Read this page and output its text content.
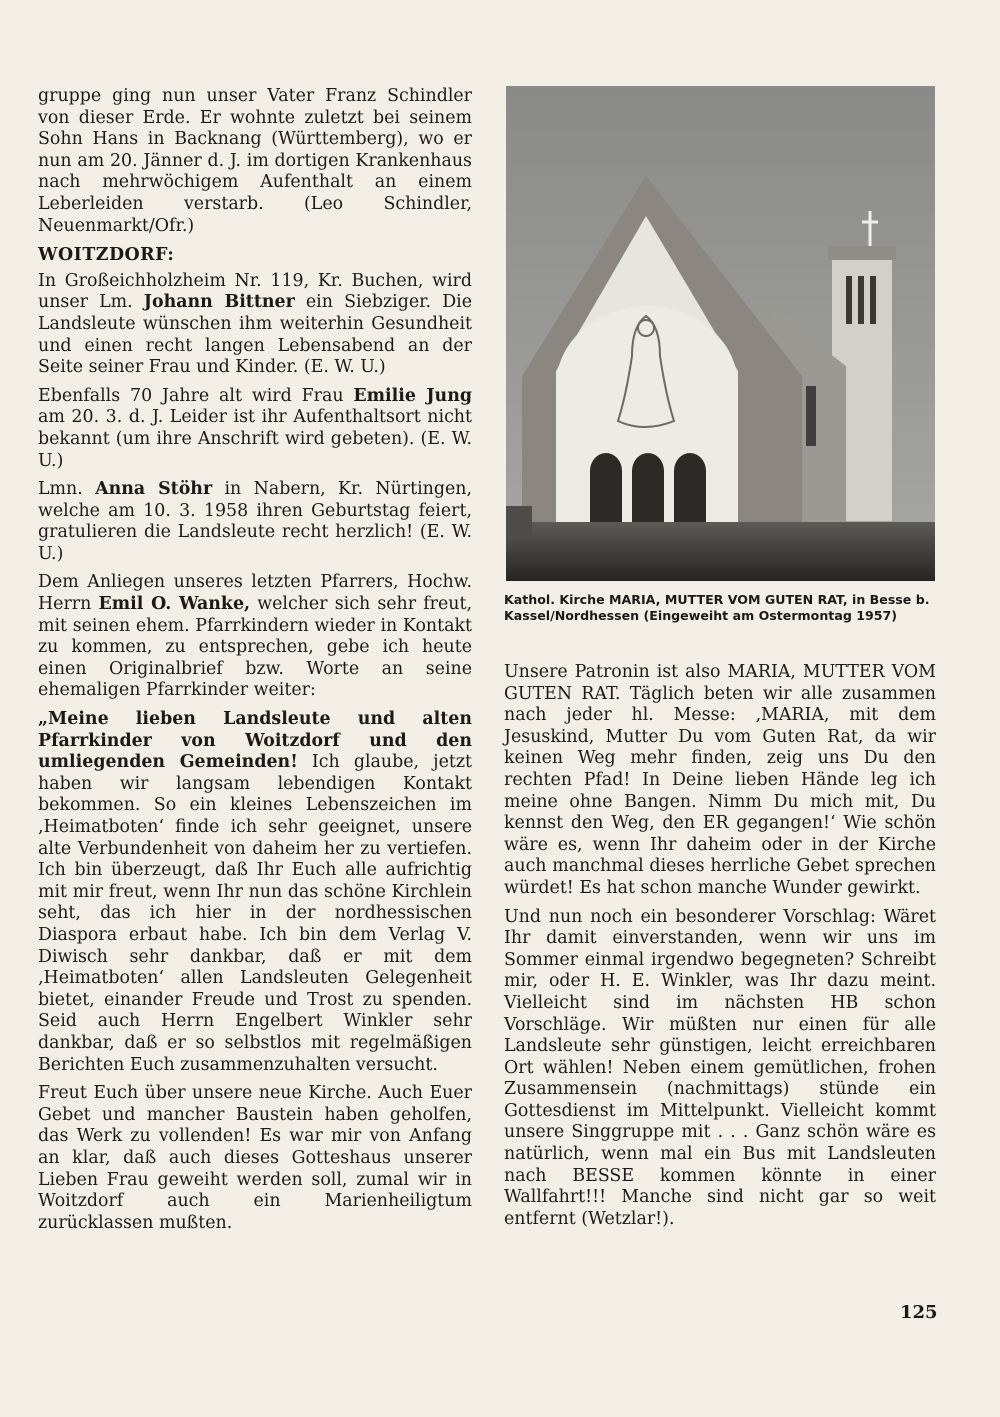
gruppe ging nun unser Vater Franz Schindler von dieser Erde. Er wohnte zuletzt bei seinem Sohn Hans in Backnang (Württemberg), wo er nun am 20. Jänner d. J. im dortigen Krankenhaus nach mehrwöchigem Aufenthalt an einem Leberleiden verstarb. (Leo Schindler, Neuenmarkt/Ofr.)

WOITZDORF:

In Großeichholzheim Nr. 119, Kr. Buchen, wird unser Lm. Johann Bittner ein Siebziger. Die Landsleute wünschen ihm weiterhin Gesundheit und einen recht langen Lebensabend an der Seite seiner Frau und Kinder. (E. W. U.)

Ebenfalls 70 Jahre alt wird Frau Emilie Jung am 20. 3. d. J. Leider ist ihr Aufenthaltsort nicht bekannt (um ihre Anschrift wird gebeten). (E. W. U.)

Lmn. Anna Stöhr in Nabern, Kr. Nürtingen, welche am 10. 3. 1958 ihren Geburtstag feiert, gratulieren die Landsleute recht herzlich! (E. W. U.)

Dem Anliegen unseres letzten Pfarrers, Hochw. Herrn Emil O. Wanke, welcher sich sehr freut, mit seinen ehem. Pfarrkindern wieder in Kontakt zu kommen, zu entsprechen, gebe ich heute einen Originalbrief bzw. Worte an seine ehemaligen Pfarrkinder weiter:

„Meine lieben Landsleute und alten Pfarrkinder von Woitzdorf und den umliegenden Gemeinden! Ich glaube, jetzt haben wir langsam lebendigen Kontakt bekommen. So ein kleines Lebenszeichen im ‚Heimatboten‘ finde ich sehr geeignet, unsere alte Verbundenheit von daheim her zu vertiefen. Ich bin überzeugt, daß Ihr Euch alle aufrichtig mit mir freut, wenn Ihr nun das schöne Kirchlein seht, das ich hier in der nordhessischen Diaspora erbaut habe. Ich bin dem Verlag V. Diwisch sehr dankbar, daß er mit dem ‚Heimatboten‘ allen Landsleuten Gelegenheit bietet, einander Freude und Trost zu spenden. Seid auch Herrn Engelbert Winkler sehr dankbar, daß er so selbstlos mit regelmäßigen Berichten Euch zusammenzuhalten versucht.

Freut Euch über unsere neue Kirche. Auch Euer Gebet und mancher Baustein haben geholfen, das Werk zu vollenden! Es war mir von Anfang an klar, daß auch dieses Gotteshaus unserer Lieben Frau geweiht werden soll, zumal wir in Woitzdorf auch ein Marienheiligtum zurücklassen mußten.

Kathol. Kirche MARIA, MUTTER VOM GUTEN RAT, in Besse b. Kassel/Nordhessen (Eingeweiht am Ostermontag 1957)

Unsere Patronin ist also MARIA, MUTTER VOM GUTEN RAT. Täglich beten wir alle zusammen nach jeder hl. Messe: ‚MARIA, mit dem Jesuskind, Mutter Du vom Guten Rat, da wir keinen Weg mehr finden, zeig uns Du den rechten Pfad! In Deine lieben Hände leg ich meine ohne Bangen. Nimm Du mich mit, Du kennst den Weg, den ER gegangen!‘ Wie schön wäre es, wenn Ihr daheim oder in der Kirche auch manchmal dieses herrliche Gebet sprechen würdet! Es hat schon manche Wunder gewirkt.

Und nun noch ein besonderer Vorschlag: Wäret Ihr damit einverstanden, wenn wir uns im Sommer einmal irgendwo begegneten? Schreibt mir, oder H. E. Winkler, was Ihr dazu meint. Vielleicht sind im nächsten HB schon Vorschläge. Wir müßten nur einen für alle Landsleute sehr günstigen, leicht erreichbaren Ort wählen! Neben einem gemütlichen, frohen Zusammensein (nachmittags) stünde ein Gottesdienst im Mittelpunkt. Vielleicht kommt unsere Singgruppe mit . . . Ganz schön wäre es natürlich, wenn mal ein Bus mit Landsleuten nach BESSE kommen könnte in einer Wallfahrt!!! Manche sind nicht gar so weit entfernt (Wetzlar!).

125
